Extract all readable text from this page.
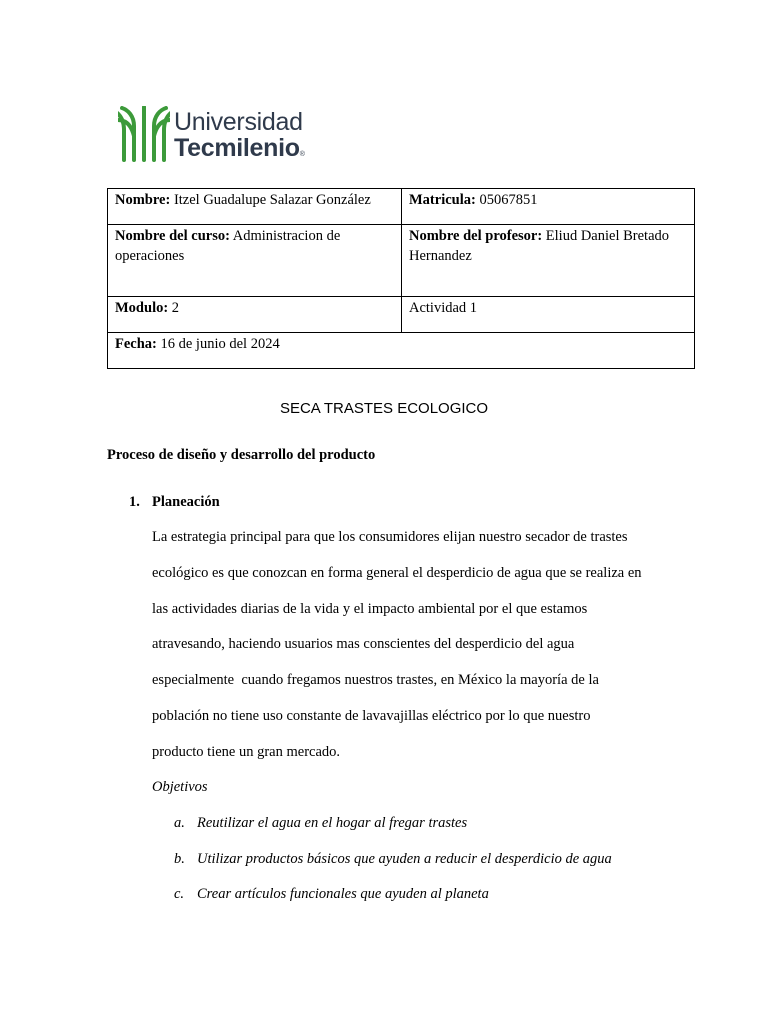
Universidad
Tecmilenio®
Nombre: Itzel Guadalupe Salazar González	Matricula: 05067851
Nombre del curso: Administracion de operaciones	Nombre del profesor: Eliud Daniel Bretado Hernandez
Modulo: 2	Actividad 1
Fecha: 16 de junio del 2024	
SECA TRASTES ECOLOGICO
Proceso de diseño y desarrollo del producto
1. Planeación
La estrategia principal para que los consumidores elijan nuestro secador de trastes
ecológico es que conozcan en forma general el desperdicio de agua que se realiza en
las actividades diarias de la vida y el impacto ambiental por el que estamos
atravesando, haciendo usuarios mas conscientes del desperdicio del agua
especialmente  cuando fregamos nuestros trastes, en México la mayoría de la
población no tiene uso constante de lavavajillas eléctrico por lo que nuestro
producto tiene un gran mercado.
Objetivos
a. Reutilizar el agua en el hogar al fregar trastes
b. Utilizar productos básicos que ayuden a reducir el desperdicio de agua
c. Crear artículos funcionales que ayuden al planeta
